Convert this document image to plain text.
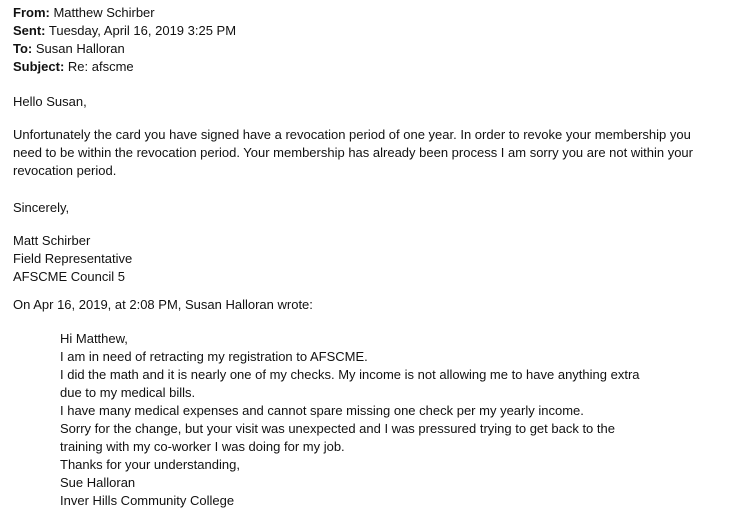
From: Matthew Schirber
Sent: Tuesday, April 16, 2019 3:25 PM
To: Susan Halloran
Subject: Re: afscme
Hello Susan,
Unfortunately the card you have signed have a revocation period of one year. In order to revoke your membership you
need to be within the revocation period. Your membership has already been process I am sorry you are not within your
revocation period.
Sincerely,
Matt Schirber
Field Representative
AFSCME Council 5
On Apr 16, 2019, at 2:08 PM, Susan Halloran wrote:
Hi Matthew,
I am in need of retracting my registration to AFSCME.
I did the math and it is nearly one of my checks. My income is not allowing me to have anything extra
due to my medical bills.
I have many medical expenses and cannot spare missing one check per my yearly income.
Sorry for the change, but your visit was unexpected and I was pressured trying to get back to the
training with my co-worker I was doing for my job.
Thanks for your understanding,
Sue Halloran
Inver Hills Community College
